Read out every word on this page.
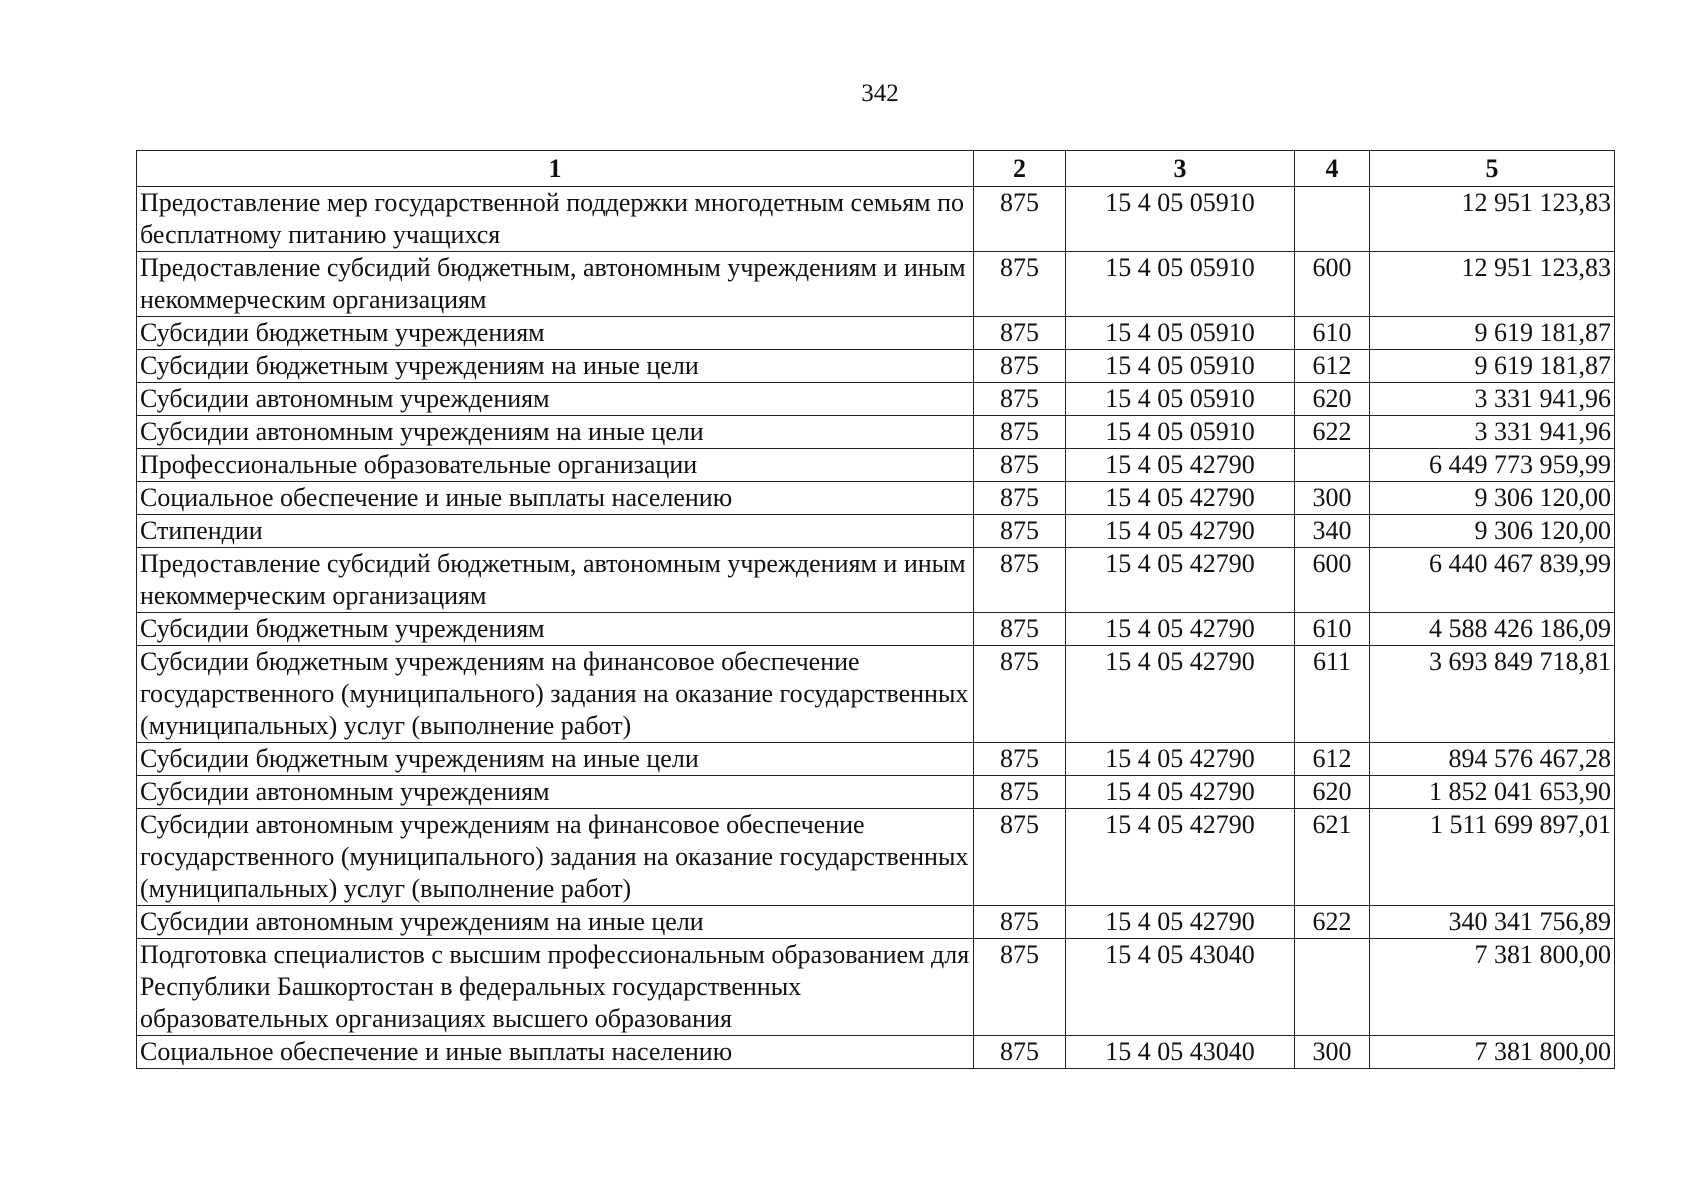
342
1	2	3	4	5
Предоставление мер государственной поддержки многодетным семьям по бесплатному питанию учащихся	875	15 4 05 05910		12 951 123,83
Предоставление субсидий бюджетным, автономным учреждениям и иным некоммерческим организациям	875	15 4 05 05910	600	12 951 123,83
Субсидии бюджетным учреждениям	875	15 4 05 05910	610	9 619 181,87
Субсидии бюджетным учреждениям на иные цели	875	15 4 05 05910	612	9 619 181,87
Субсидии автономным учреждениям	875	15 4 05 05910	620	3 331 941,96
Субсидии автономным учреждениям на иные цели	875	15 4 05 05910	622	3 331 941,96
Профессиональные образовательные организации	875	15 4 05 42790		6 449 773 959,99
Социальное обеспечение и иные выплаты населению	875	15 4 05 42790	300	9 306 120,00
Стипендии	875	15 4 05 42790	340	9 306 120,00
Предоставление субсидий бюджетным, автономным учреждениям и иным некоммерческим организациям	875	15 4 05 42790	600	6 440 467 839,99
Субсидии бюджетным учреждениям	875	15 4 05 42790	610	4 588 426 186,09
Субсидии бюджетным учреждениям на финансовое обеспечение государственного (муниципального) задания на оказание государственных (муниципальных) услуг (выполнение работ)	875	15 4 05 42790	611	3 693 849 718,81
Субсидии бюджетным учреждениям на иные цели	875	15 4 05 42790	612	894 576 467,28
Субсидии автономным учреждениям	875	15 4 05 42790	620	1 852 041 653,90
Субсидии автономным учреждениям на финансовое обеспечение государственного (муниципального) задания на оказание государственных (муниципальных) услуг (выполнение работ)	875	15 4 05 42790	621	1 511 699 897,01
Субсидии автономным учреждениям на иные цели	875	15 4 05 42790	622	340 341 756,89
Подготовка специалистов с высшим профессиональным образованием для Республики Башкортостан в федеральных государственных образовательных организациях высшего образования	875	15 4 05 43040		7 381 800,00
Социальное обеспечение и иные выплаты населению	875	15 4 05 43040	300	7 381 800,00
